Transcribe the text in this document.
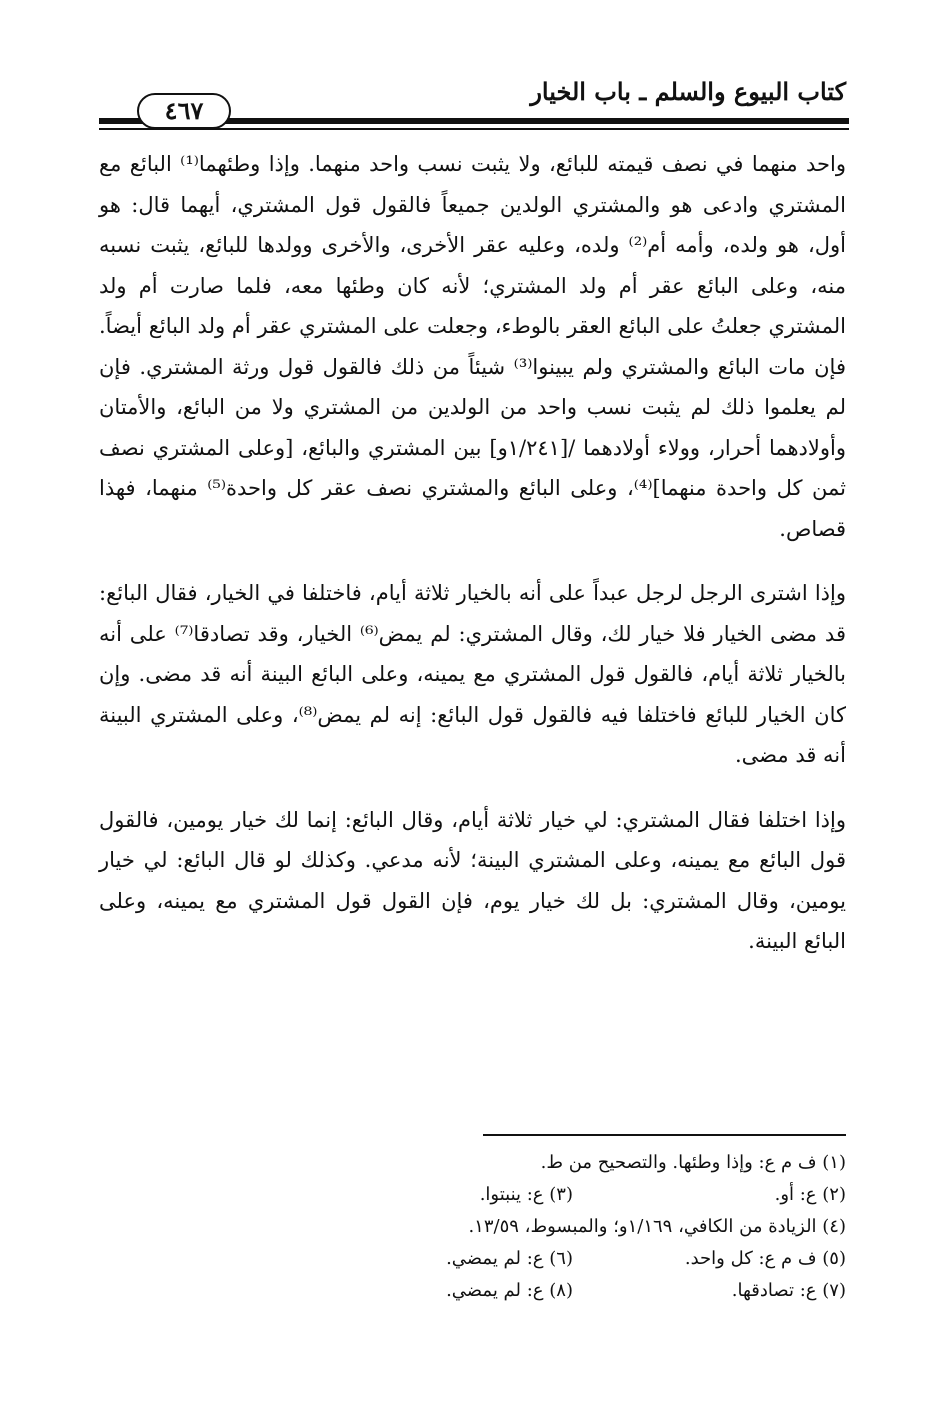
كتاب البيوع والسلم ـ باب الخيار
٤٦٧

واحد منهما في نصف قيمته للبائع، ولا يثبت نسب واحد منهما. وإذا وطئهما⁽¹⁾ البائع مع المشتري وادعى هو والمشتري الولدين جميعاً فالقول قول المشتري، أيهما قال: هو أول، هو ولده، وأمه أم⁽²⁾ ولده، وعليه عقر الأخرى، والأخرى وولدها للبائع، يثبت نسبه منه، وعلى البائع عقر أم ولد المشتري؛ لأنه كان وطئها معه، فلما صارت أم ولد المشتري جعلتُ على البائع العقر بالوطء، وجعلت على المشتري عقر أم ولد البائع أيضاً. فإن مات البائع والمشتري ولم يبينوا⁽³⁾ شيئاً من ذلك فالقول قول ورثة المشتري. فإن لم يعلموا ذلك لم يثبت نسب واحد من الولدين من المشتري ولا من البائع، والأمتان وأولادهما أحرار، وولاء أولادهما /[١/٢٤١و] بين المشتري والبائع، [وعلى المشتري نصف ثمن كل واحدة منهما]⁽⁴⁾، وعلى البائع والمشتري نصف عقر كل واحدة⁽⁵⁾ منهما، فهذا قصاص.

وإذا اشترى الرجل لرجل عبداً على أنه بالخيار ثلاثة أيام، فاختلفا في الخيار، فقال البائع: قد مضى الخيار فلا خيار لك، وقال المشتري: لم يمض⁽⁶⁾ الخيار، وقد تصادقا⁽⁷⁾ على أنه بالخيار ثلاثة أيام، فالقول قول المشتري مع يمينه، وعلى البائع البينة أنه قد مضى. وإن كان الخيار للبائع فاختلفا فيه فالقول قول البائع: إنه لم يمض⁽⁸⁾، وعلى المشتري البينة أنه قد مضى.

وإذا اختلفا فقال المشتري: لي خيار ثلاثة أيام، وقال البائع: إنما لك خيار يومين، فالقول قول البائع مع يمينه، وعلى المشتري البينة؛ لأنه مدعي. وكذلك لو قال البائع: لي خيار يومين، وقال المشتري: بل لك خيار يوم، فإن القول قول المشتري مع يمينه، وعلى البائع البينة.

(١) ف م ع: وإذا وطئها. والتصحيح من ط.
(٢) ع: أو.
(٣) ع: ينبتوا.
(٤) الزيادة من الكافي، ١/١٦٩و؛ والمبسوط، ١٣/٥٩.
(٥) ف م ع: كل واحد.
(٦) ع: لم يمضي.
(٧) ع: تصادقها.
(٨) ع: لم يمضي.
